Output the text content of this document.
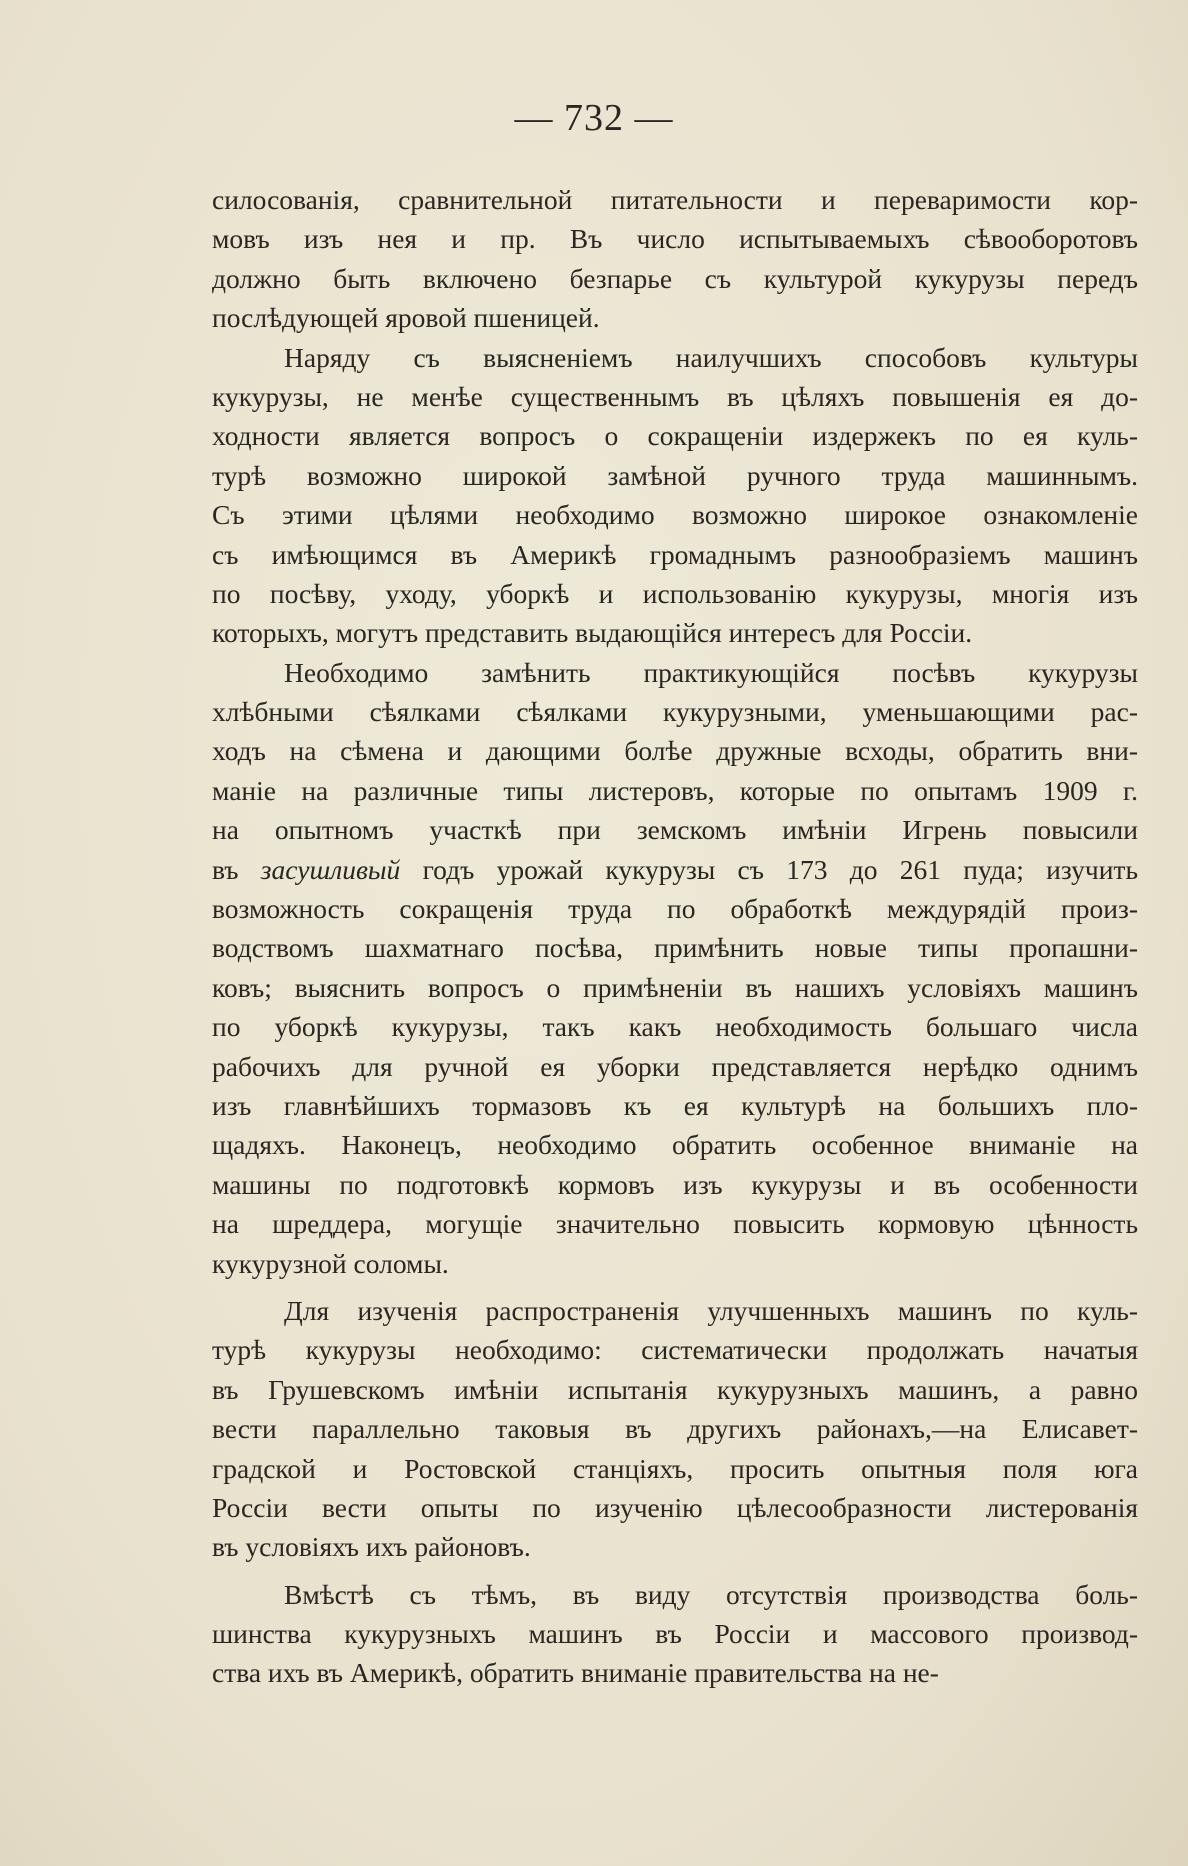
— 732 —
силосованія, сравнительной питательности и переваримости кор-
мовъ изъ нея и пр. Въ число испытываемыхъ сѣвооборотовъ
должно быть включено безпарье съ культурой кукурузы передъ
послѣдующей яровой пшеницей.
Наряду съ выясненіемъ наилучшихъ способовъ культуры
кукурузы, не менѣе существеннымъ въ цѣляхъ повышенія ея до-
ходности является вопросъ о сокращеніи издержекъ по ея куль-
турѣ возможно широкой замѣной ручного труда машиннымъ.
Съ этими цѣлями необходимо возможно широкое ознакомленіе
съ имѣющимся въ Америкѣ громаднымъ разнообразіемъ машинъ
по посѣву, уходу, уборкѣ и использованію кукурузы, многія изъ
которыхъ, могутъ представить выдающійся интересъ для Россіи.
Необходимо замѣнить практикующійся посѣвъ кукурузы
хлѣбными сѣялками сѣялками кукурузными, уменьшающими рас-
ходъ на сѣмена и дающими болѣе дружные всходы, обратить вни-
маніе на различные типы листеровъ, которые по опытамъ 1909 г.
на опытномъ участкѣ при земскомъ имѣніи Игрень повысили
въ засушливый годъ урожай кукурузы съ 173 до 261 пуда; изучить
возможность сокращенія труда по обработкѣ междурядій произ-
водствомъ шахматнаго посѣва, примѣнить новые типы пропашни-
ковъ; выяснить вопросъ о примѣненіи въ нашихъ условіяхъ машинъ
по уборкѣ кукурузы, такъ какъ необходимость большаго числа
рабочихъ для ручной ея уборки представляется нерѣдко однимъ
изъ главнѣйшихъ тормазовъ къ ея культурѣ на большихъ пло-
щадяхъ. Наконецъ, необходимо обратить особенное вниманіе на
машины по подготовкѣ кормовъ изъ кукурузы и въ особенности
на шреддера, могущіе значительно повысить кормовую цѣнность
кукурузной соломы.
Для изученія распространенія улучшенныхъ машинъ по куль-
турѣ кукурузы необходимо: систематически продолжать начатыя
въ Грушевскомъ имѣніи испытанія кукурузныхъ машинъ, а равно
вести параллельно таковыя въ другихъ районахъ,—на Елисавет-
градской и Ростовской станціяхъ, просить опытныя поля юга
Россіи вести опыты по изученію цѣлесообразности листерованія
въ условіяхъ ихъ районовъ.
Вмѣстѣ съ тѣмъ, въ виду отсутствія производства боль-
шинства кукурузныхъ машинъ въ Россіи и массового производ-
ства ихъ въ Америкѣ, обратить вниманіе правительства на не-
